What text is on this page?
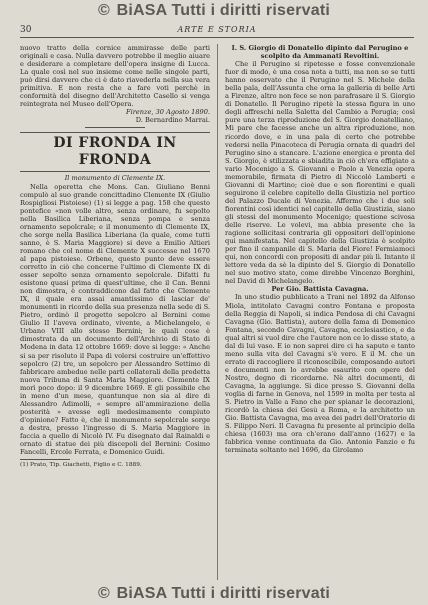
© BiASA Tutti i diritti riservati
30	ARTE E STORIA

nuovo tratto della cornice ammirasse delle parti originali e casa. Nulla davvero potrebbe il meglio aiuare e desiderare a completare dell'opera insigne di Lucca. La quale così nel suo insieme come nelle singole parti, può dirsi davvero che ci è dato riavederla nella sua vera primitiva. E non resta che a fare voti perchè in conformità del disegno dell'Architetto Casello si venga reintegrata nel Museo dell'Opera.

Firenze, 30 Agosto 1890.

D. Bernardino Marrai.

DI FRONDA IN FRONDA

Il monumento di Clemente IX.

Nella operetta che Mons. Can. Giuliano Benni compulò al suo grande concittadino Clemente IX (Giulio Rospigliosi Pistoiese) (1) si legge a pag. 158 che questo pontefice «non volle altro, senza ordinare, fu sepolto nella Basilica Liberiana, senza pompa e senza ornamento sepolcrale; e il monumento di Clemente IX, che sorge nella Basilica Liberiana (la quale, come tutti sanno, è S. Maria Maggiore) si deve a Emilio Altieri romano che col nome di Clemente X successe nel 1670 al papa pistoiese. Orbene, questo punto deve essere corretto in ciò che concerne l'ultimo di Clemente IX di esser sepolto senza ornamento sepolcrale. Difatti fu esistono quasi prima di quest'ultime, che il Can. Benni non dimostra, è contraddicono dal fatto che Clemente IX, il quale era assai amantissimo di lasciar de' monumenti in ricordo della sua presenza nella sede di S. Pietro, ordinò il progetto sepolcro al Bernini come Giulio II l'aveva ordinato, vivente, a Michelangelo, e Urbano VIII allo stesso Bernini; le quali cose è dimostrata da un documento dell'Archivio di Stato di Modena in data 12 ottobre 1669: dove si legge: « Anche si sa per risoluto il Papa di volersi costruire un'effettivo sepolcro (2) tre, un sepolcro per Alessandro Settimo di fabbricare ambedue nelle parti collaterali della predetta nuova Tribuna di Santa Maria Maggiore. Clemente IX morì poco dopo: il 9 dicembre 1669. E gli possibile che in meno d'un mese, quantunque non sia al dire di Alessandro Adimolli, « sempre all'ammirazione della posterità » avesse egli medesimamente compiuto d'opinione? Fatto è, che il monumento sepolcrale sorge a destra, presso l'ingresso di S. Maria Maggiore in faccia a quello di Nicolò IV. Fu disegnato dal Rainaldi e ornato di statue dei più discepoli del Bernini: Cosimo Fancelli, Ercole Ferrata, e Domenico Guidi.

(1) Prato, Tip. Giachetti, Figlio e C. 1889.

I. S. Giorgio di Donatello dipinto dal Perugino e scolpito da Ammanati Revoltini.

Che il Perugino si ripetesse e fosse convenzionale fuor di modo, è una cosa nota a tutti, ma non so se tutti hanno osservato che il Perugino nel S. Michele della bella pala, dell'Assunta che orna la galleria di belle Arti a Firenze, altro non fece se non parafrasare il S. Giorgio di Donatello. Il Perugino ripetè la stessa figura in uno degli affreschi nella Saletta del Cambio a Perugia; così pure una terza riproduzione del S. Giorgio donatelliano, Mi pare che facesse anche un altra riproduzione, non ricordo dove, e in una pala di certo che potrebbe vedersi nella Pinacoteca di Perugia ornata di quadri del Perugino sino a stancare. L'azione energica e pronta del S. Giorgio, è stilizzata e sbiadita in ciò ch'era effigiato a vario Mocenigo a S. Giovanni e Paolo a Venezia opera memorabile, firmata di Pietro di Niccolò Lamberti e Giovanni di Martino; cioè due e son fiorentini e quali seguirono il celebre capitello della Giustizia nel portico del Palazzo Ducale di Venezia. Affermo che i due soli fiorentini così identici nel capitello della Giustizia, siano gli stessi del monumento Mocenigo; questione scivosa delle riserve. Le volevi, ma abbia presente che la ragione sollicitasi contraria gli oppositori dell'opinione qui manifestata. Nel capitello della Giustizia è scolpito per fino il campanile di S. Maria del Fiore! Fermiamoci qui, non concordi con propositi di andar più lì. Intanto il lettore veda da sè la dipinto del S. Giorgio di Donatello nel suo motivo stato, come direbbe Vincenzo Borghini, nel David di Michelangelo.

Per Gio. Battista Cavagna.

In uno studio pubblicato a Trani nel 1892 da Alfonso Miola, intitolato Cavagni contro Fontana e proposta della Reggia di Napoli, si indica Pendosa di chi Cavagni Cavagna (Gio. Battista), autore della fama di Domenico Fontana, secondo Cavagni, Cavagna, ecclesiastico, e da qual altri si vuol dire che l'autore non ce lo disse stato, a dal di lui vaso. E io non saprei dire ci ha saputo e tanto meno sulla vita del Cavagni s'è vero. E il M. che un errato di raccogliere il riconoscibile, composando autori e documenti non lo avrebbe esaurito con opere del Nostro, degno di ricordarne. Nè altri documenti, di Cavagna, la aggiunge. Si dice presso S. Giovanni della voglia di farne in Genova, nel 1599 in molta per testa al S. Pietro in Valle a Fano che per spianar le decorazioni, ricordò la chiesa dei Gesù a Roma, e la architetto un Gio. Battista Cavagna, ma avea dei padri dell'Oratorio di S. Filippo Neri. Il Cavagna fu presente al principio della chiesa (1603) ma ora ch'erano dall'anno (1627) e la fabbrica venne continuata da Gio. Antonio Fanzio e fu terminata soltanto nel 1696, da Girolamo

© BiASA Tutti i diritti riservati
